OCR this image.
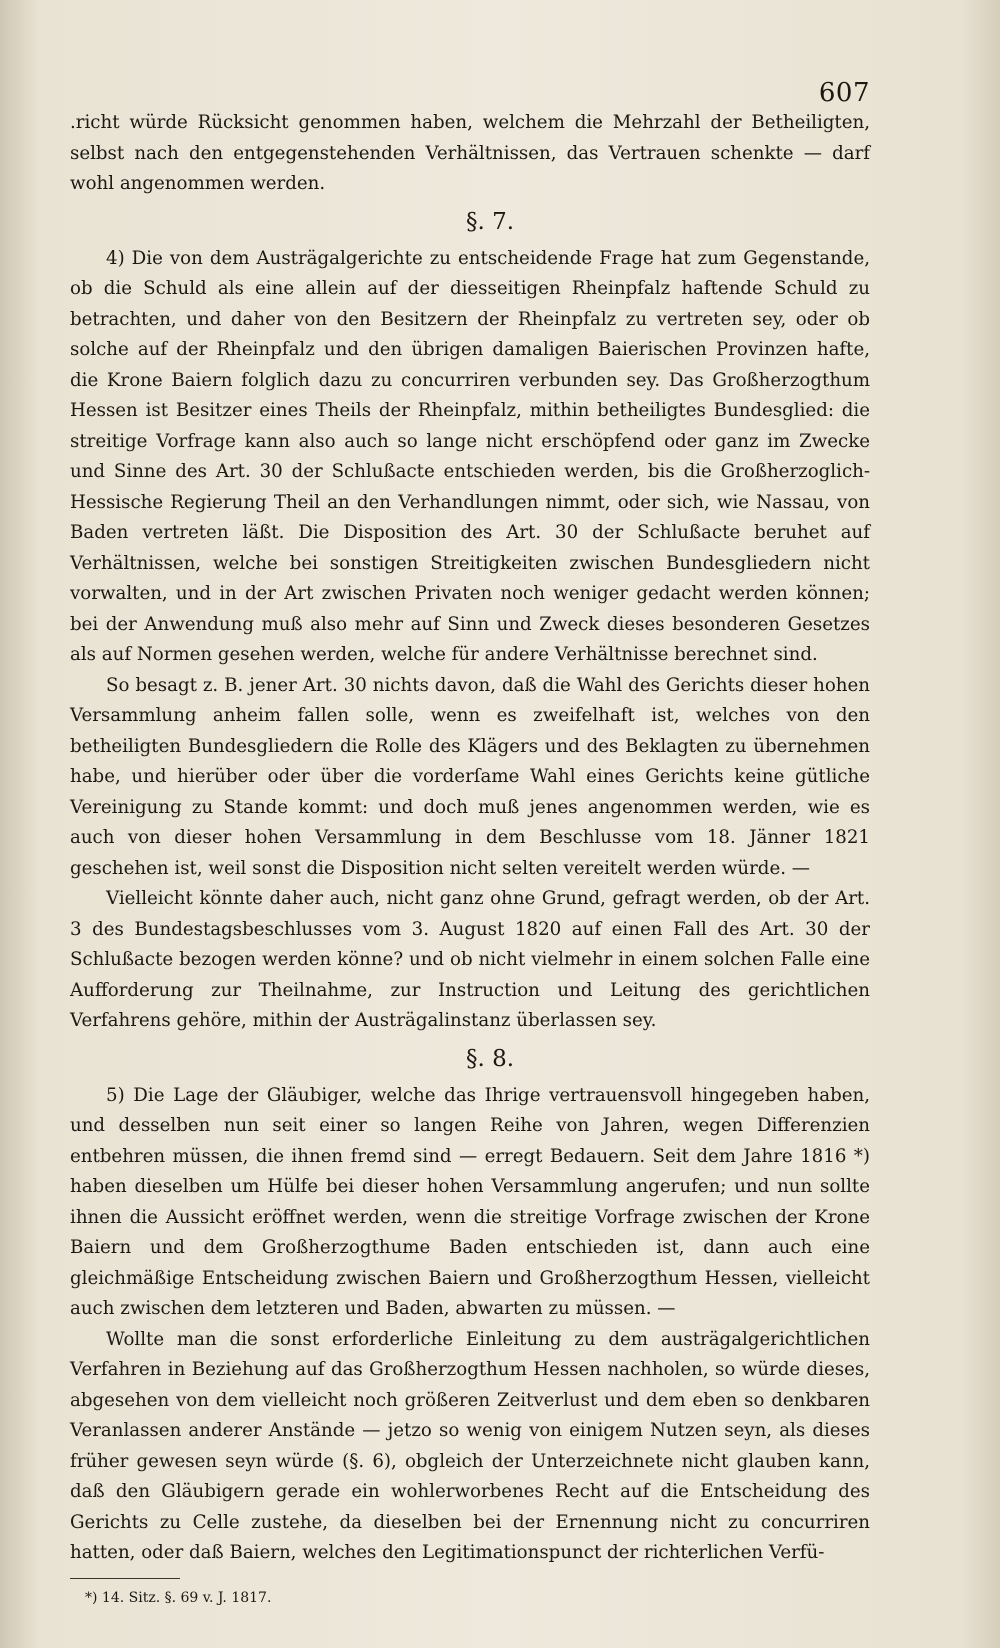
607

.richt würde Rücksicht genommen haben, welchem die Mehrzahl der Betheiligten, selbst nach den entgegenstehenden Verhältnissen, das Vertrauen schenkte — darf wohl angenommen werden.

§. 7.

4) Die von dem Austrägalgerichte zu entscheidende Frage hat zum Gegenstande, ob die Schuld als eine allein auf der diesseitigen Rheinpfalz haftende Schuld zu betrachten, und daher von den Besitzern der Rheinpfalz zu vertreten sey, oder ob solche auf der Rheinpfalz und den übrigen damaligen Baierischen Provinzen hafte, die Krone Baiern folglich dazu zu concurriren verbunden sey. Das Großherzogthum Hessen ist Besitzer eines Theils der Rheinpfalz, mithin betheiligtes Bundesglied: die streitige Vorfrage kann also auch so lange nicht erschöpfend oder ganz im Zwecke und Sinne des Art. 30 der Schlußacte entschieden werden, bis die Großherzoglich-Hessische Regierung Theil an den Verhandlungen nimmt, oder sich, wie Nassau, von Baden vertreten läßt. Die Disposition des Art. 30 der Schlußacte beruhet auf Verhältnissen, welche bei sonstigen Streitigkeiten zwischen Bundesgliedern nicht vorwalten, und in der Art zwischen Privaten noch weniger gedacht werden können; bei der Anwendung muß also mehr auf Sinn und Zweck dieses besonderen Gesetzes als auf Normen gesehen werden, welche für andere Verhältnisse berechnet sind.

So besagt z. B. jener Art. 30 nichts davon, daß die Wahl des Gerichts dieser hohen Versammlung anheim fallen solle, wenn es zweifelhaft ist, welches von den betheiligten Bundesgliedern die Rolle des Klägers und des Beklagten zu übernehmen habe, und hierüber oder über die vorderſame Wahl eines Gerichts keine gütliche Vereinigung zu Stande kommt: und doch muß jenes angenommen werden, wie es auch von dieser hohen Versammlung in dem Beschlusse vom 18. Jänner 1821 geschehen ist, weil sonst die Disposition nicht selten vereitelt werden würde. —

Vielleicht könnte daher auch, nicht ganz ohne Grund, gefragt werden, ob der Art. 3 des Bundestagsbeschlusses vom 3. August 1820 auf einen Fall des Art. 30 der Schlußacte bezogen werden könne? und ob nicht vielmehr in einem solchen Falle eine Aufforderung zur Theilnahme, zur Instruction und Leitung des gerichtlichen Verfahrens gehöre, mithin der Austrägalinstanz überlassen sey.

§. 8.

5) Die Lage der Gläubiger, welche das Ihrige vertrauensvoll hingegeben haben, und desselben nun seit einer so langen Reihe von Jahren, wegen Differenzien entbehren müssen, die ihnen fremd sind — erregt Bedauern. Seit dem Jahre 1816 *) haben dieselben um Hülfe bei dieser hohen Versammlung angerufen; und nun sollte ihnen die Aussicht eröffnet werden, wenn die streitige Vorfrage zwischen der Krone Baiern und dem Großherzogthume Baden entschieden ist, dann auch eine gleichmäßige Entscheidung zwischen Baiern und Großherzogthum Hessen, vielleicht auch zwischen dem letzteren und Baden, abwarten zu müssen. —

Wollte man die sonst erforderliche Einleitung zu dem austrägalgerichtlichen Verfahren in Beziehung auf das Großherzogthum Hessen nachholen, so würde dieses, abgesehen von dem vielleicht noch größeren Zeitverlust und dem eben so denkbaren Veranlassen anderer Anstände — jetzo so wenig von einigem Nutzen seyn, als dieses früher gewesen seyn würde (§. 6), obgleich der Unterzeichnete nicht glauben kann, daß den Gläubigern gerade ein wohlerworbenes Recht auf die Entscheidung des Gerichts zu Celle zustehe, da dieselben bei der Ernennung nicht zu concurriren hatten, oder daß Baiern, welches den Legitimationspunct der richterlichen Verfü-

*) 14. Sitz. §. 69 v. J. 1817.
